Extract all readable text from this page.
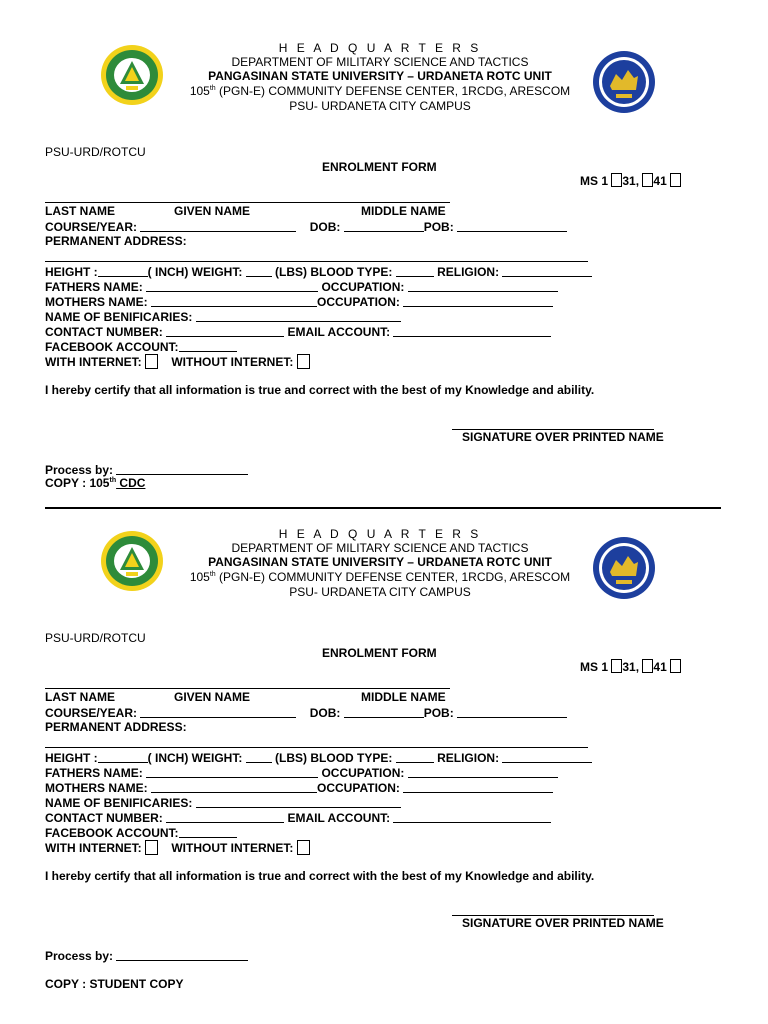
H E A D Q U A R T E R S
DEPARTMENT OF MILITARY SCIENCE AND TACTICS
PANGASINAN STATE UNIVERSITY – URDANETA ROTC UNIT
105th (PGN-E) COMMUNITY DEFENSE CENTER, 1RCDG, ARESCOM
PSU- URDANETA CITY CAMPUS
PSU-URD/ROTCU
ENROLMENT FORM
MS 1 31, 41
LAST NAME	GIVEN NAME	MIDDLE NAME
COURSE/YEAR:	DOB:	POB:
PERMANENT ADDRESS:
HEIGHT :	( INCH) WEIGHT:	(LBS) BLOOD TYPE:	RELIGION:
FATHERS NAME:	OCCUPATION:
MOTHERS NAME:	OCCUPATION:
NAME OF BENIFICARIES:
CONTACT NUMBER:	EMAIL ACCOUNT:
FACEBOOK ACCOUNT:
WITH INTERNET: WITHOUT INTERNET:
I hereby certify that all information is true and correct with the best of my Knowledge and ability.
SIGNATURE OVER PRINTED NAME
Process by:
COPY : 105th CDC
H E A D Q U A R T E R S
DEPARTMENT OF MILITARY SCIENCE AND TACTICS
PANGASINAN STATE UNIVERSITY – URDANETA ROTC UNIT
105th (PGN-E) COMMUNITY DEFENSE CENTER, 1RCDG, ARESCOM
PSU- URDANETA CITY CAMPUS
PSU-URD/ROTCU
ENROLMENT FORM
MS 1 31, 41
LAST NAME	GIVEN NAME	MIDDLE NAME
COURSE/YEAR:	DOB:	POB:
PERMANENT ADDRESS:
HEIGHT :	( INCH) WEIGHT:	(LBS) BLOOD TYPE:	RELIGION:
FATHERS NAME:	OCCUPATION:
MOTHERS NAME:	OCCUPATION:
NAME OF BENIFICARIES:
CONTACT NUMBER:	EMAIL ACCOUNT:
FACEBOOK ACCOUNT:
WITH INTERNET: WITHOUT INTERNET:
I hereby certify that all information is true and correct with the best of my Knowledge and ability.
SIGNATURE OVER PRINTED NAME
Process by:
COPY : STUDENT COPY
